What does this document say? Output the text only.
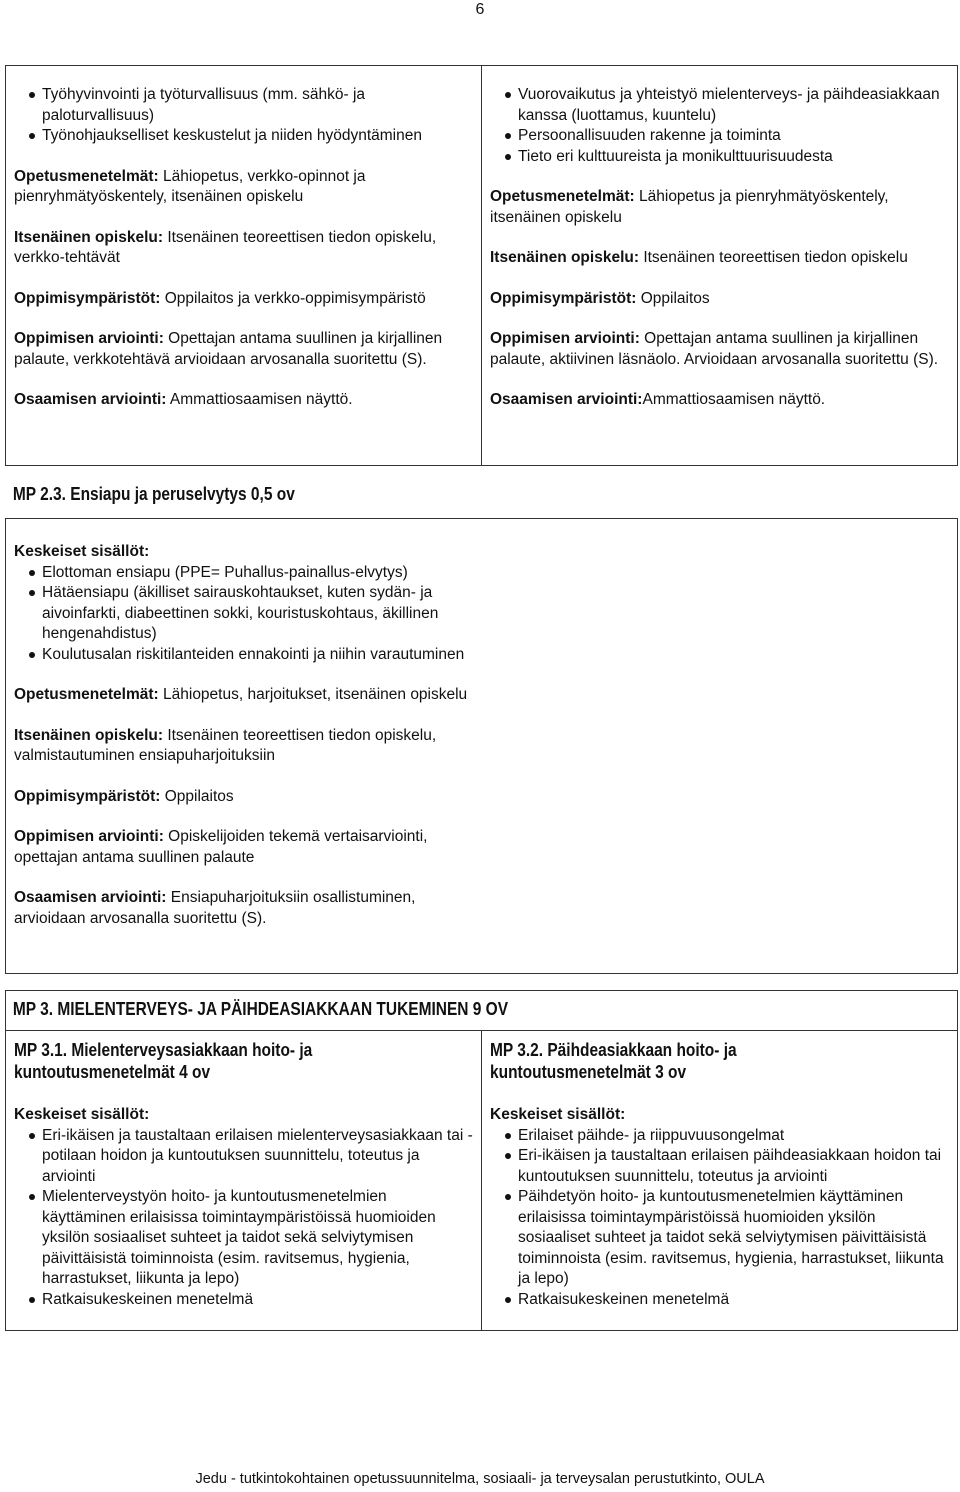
6
Työhyvinvointi ja työturvallisuus (mm. sähkö- ja paloturvallisuus)
Työnohjaukselliset keskustelut ja niiden hyödyntäminen

Opetusmenetelmät: Lähiopetus, verkko-opinnot ja pienryhmätyöskentely, itsenäinen opiskelu

Itsenäinen opiskelu: Itsenäinen teoreettisen tiedon opiskelu, verkko-tehtävät

Oppimisympäristöt: Oppilaitos ja verkko-oppimisympäristö

Oppimisen arviointi: Opettajan antama suullinen ja kirjallinen palaute, verkkotehtävä arvioidaan arvosanalla suoritettu (S).

Osaamisen arviointi: Ammattiosaamisen näyttö.

Vuorovaikutus ja yhteistyö mielenterveys- ja päihdeasiakkaan kanssa (luottamus, kuuntelu)
Persoonallisuuden rakenne ja toiminta
Tieto eri kulttuureista ja monikulttuurisuudesta

Opetusmenetelmät: Lähiopetus ja pienryhmätyöskentely, itsenäinen opiskelu

Itsenäinen opiskelu: Itsenäinen teoreettisen tiedon opiskelu

Oppimisympäristöt: Oppilaitos

Oppimisen arviointi: Opettajan antama suullinen ja kirjallinen palaute, aktiivinen läsnäolo. Arvioidaan arvosanalla suoritettu (S).

Osaamisen arviointi:Ammattiosaamisen näyttö.

MP 2.3. Ensiapu ja peruselvytys 0,5 ov

Keskeiset sisällöt:

Elottoman ensiapu (PPE= Puhallus-painallus-elvytys)
Hätäensiapu (äkilliset sairauskohtaukset, kuten sydän- ja aivoinfarkti, diabeettinen sokki, kouristuskohtaus, äkillinen hengenahdistus)
Koulutusalan riskitilanteiden ennakointi ja niihin varautuminen

Opetusmenetelmät: Lähiopetus, harjoitukset, itsenäinen opiskelu

Itsenäinen opiskelu: Itsenäinen teoreettisen tiedon opiskelu, valmistautuminen ensiapuharjoituksiin

Oppimisympäristöt: Oppilaitos

Oppimisen arviointi: Opiskelijoiden tekemä vertaisarviointi, opettajan antama suullinen palaute

Osaamisen arviointi: Ensiapuharjoituksiin osallistuminen, arvioidaan arvosanalla suoritettu (S).

MP 3. MIELENTERVEYS- JA PÄIHDEASIAKKAAN TUKEMINEN 9 OV
MP 3.1. Mielenterveysasiakkaan hoito- ja
kuntoutusmenetelmät 4 ov

Keskeiset sisällöt:

Eri-ikäisen ja taustaltaan erilaisen mielenterveysasiakkaan tai -potilaan hoidon ja kuntoutuksen suunnittelu, toteutus ja arviointi
Mielenterveystyön hoito- ja kuntoutusmenetelmien käyttäminen erilaisissa toimintaympäristöissä huomioiden yksilön sosiaaliset suhteet ja taidot sekä selviytymisen päivittäisistä toiminnoista (esim. ravitsemus, hygienia, harrastukset, liikunta ja lepo)
Ratkaisukeskeinen menetelmä
MP 3.2. Päihdeasiakkaan hoito- ja
kuntoutusmenetelmät 3 ov

Keskeiset sisällöt:

Erilaiset päihde- ja riippuvuusongelmat
Eri-ikäisen ja taustaltaan erilaisen päihdeasiakkaan hoidon tai kuntoutuksen suunnittelu, toteutus ja arviointi
Päihdetyön hoito- ja kuntoutusmenetelmien käyttäminen erilaisissa toimintaympäristöissä huomioiden yksilön sosiaaliset suhteet ja taidot sekä selviytymisen päivittäisistä toiminnoista (esim. ravitsemus, hygienia, harrastukset, liikunta ja lepo)
Ratkaisukeskeinen menetelmä
Jedu - tutkintokohtainen opetussuunnitelma, sosiaali- ja terveysalan perustutkinto, OULA
